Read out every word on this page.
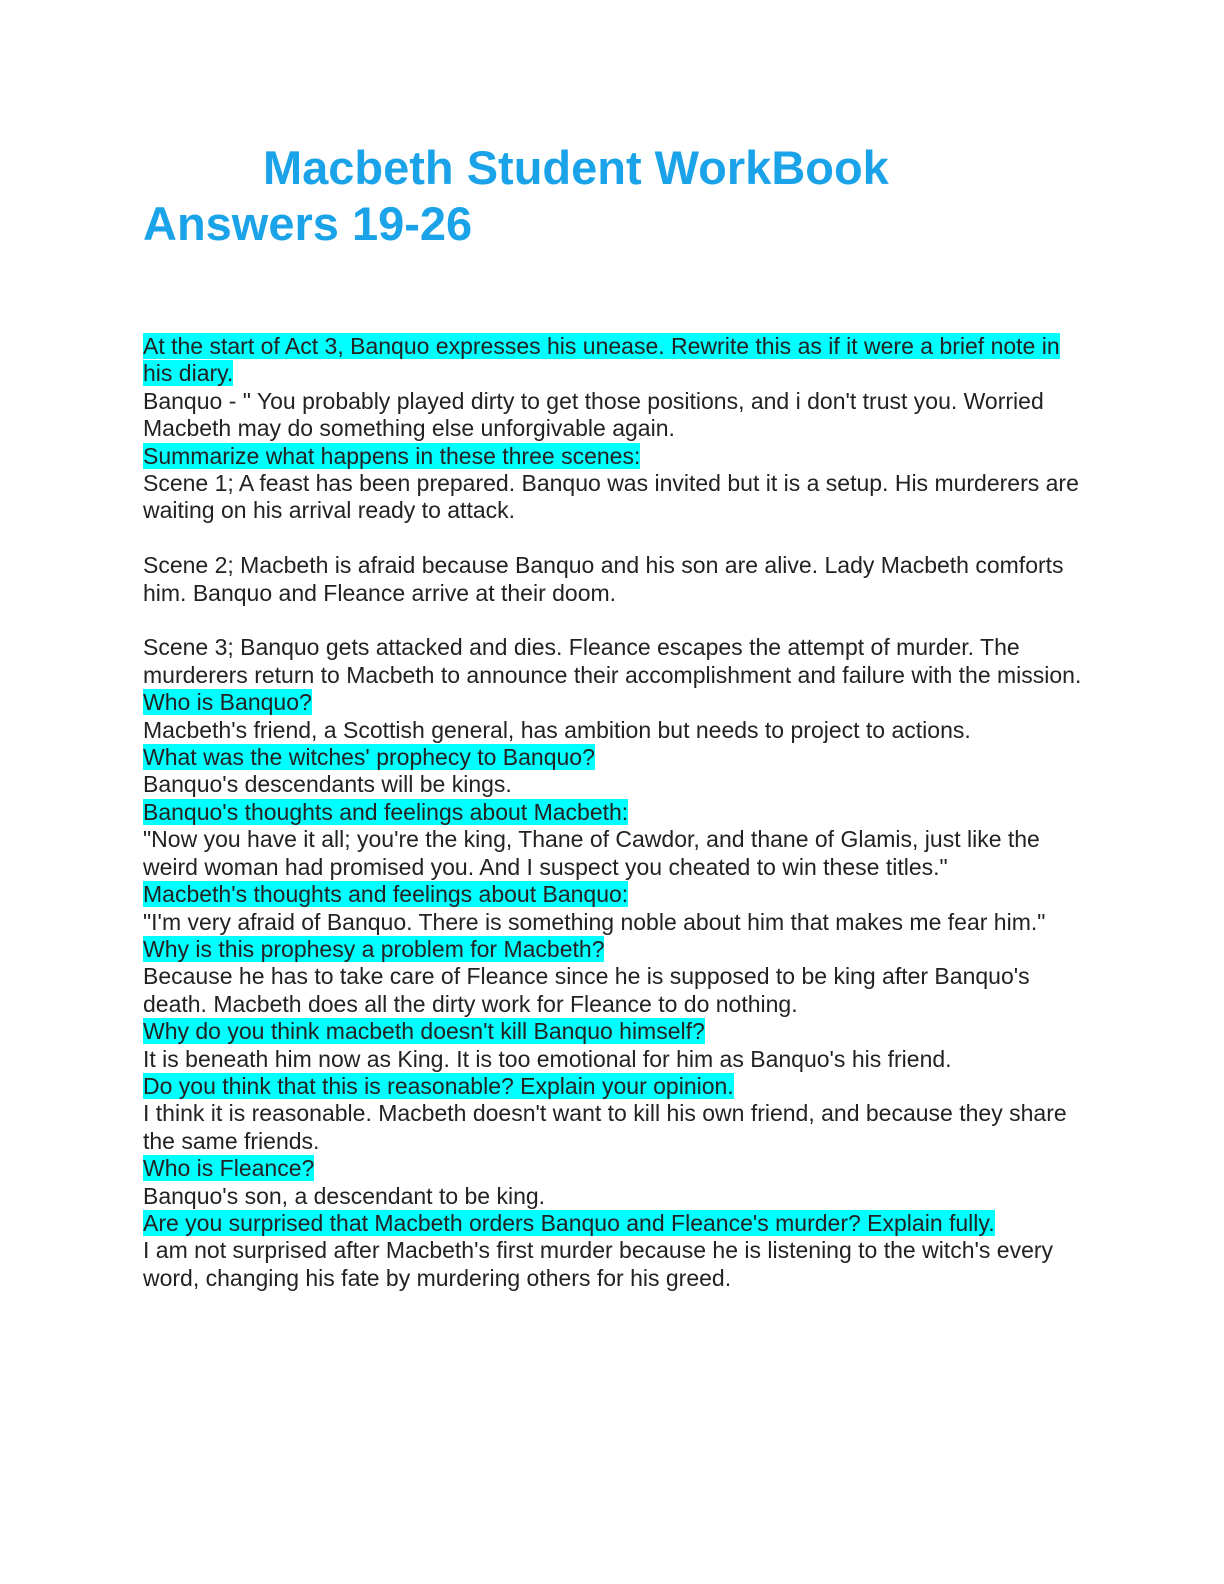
Macbeth Student WorkBook
Answers 19-26

At the start of Act 3, Banquo expresses his unease. Rewrite this as if it were a brief note in his diary.

Banquo - " You probably played dirty to get those positions, and i don't trust you. Worried Macbeth may do something else unforgivable again.

Summarize what happens in these three scenes:

Scene 1; A feast has been prepared. Banquo was invited but it is a setup. His murderers are waiting on his arrival ready to attack.

Scene 2; Macbeth is afraid because Banquo and his son are alive. Lady Macbeth comforts him. Banquo and Fleance arrive at their doom.

Scene 3; Banquo gets attacked and dies. Fleance escapes the attempt of murder. The murderers return to Macbeth to announce their accomplishment and failure with the mission.

Who is Banquo?

Macbeth's friend, a Scottish general, has ambition but needs to project to actions.

What was the witches' prophecy to Banquo?

Banquo's descendants will be kings.

Banquo's thoughts and feelings about Macbeth:

"Now you have it all; you're the king, Thane of Cawdor, and thane of Glamis, just like the weird woman had promised you. And I suspect you cheated to win these titles."

Macbeth's thoughts and feelings about Banquo:

"I'm very afraid of Banquo. There is something noble about him that makes me fear him."

Why is this prophesy a problem for Macbeth?

Because he has to take care of Fleance since he is supposed to be king after Banquo's death. Macbeth does all the dirty work for Fleance to do nothing.

Why do you think macbeth doesn't kill Banquo himself?

It is beneath him now as King. It is too emotional for him as Banquo's his friend.

Do you think that this is reasonable? Explain your opinion.

I think it is reasonable. Macbeth doesn't want to kill his own friend, and because they share the same friends.

Who is Fleance?

Banquo's son, a descendant to be king.

Are you surprised that Macbeth orders Banquo and Fleance's murder? Explain fully.

I am not surprised after Macbeth's first murder because he is listening to the witch's every word, changing his fate by murdering others for his greed.
